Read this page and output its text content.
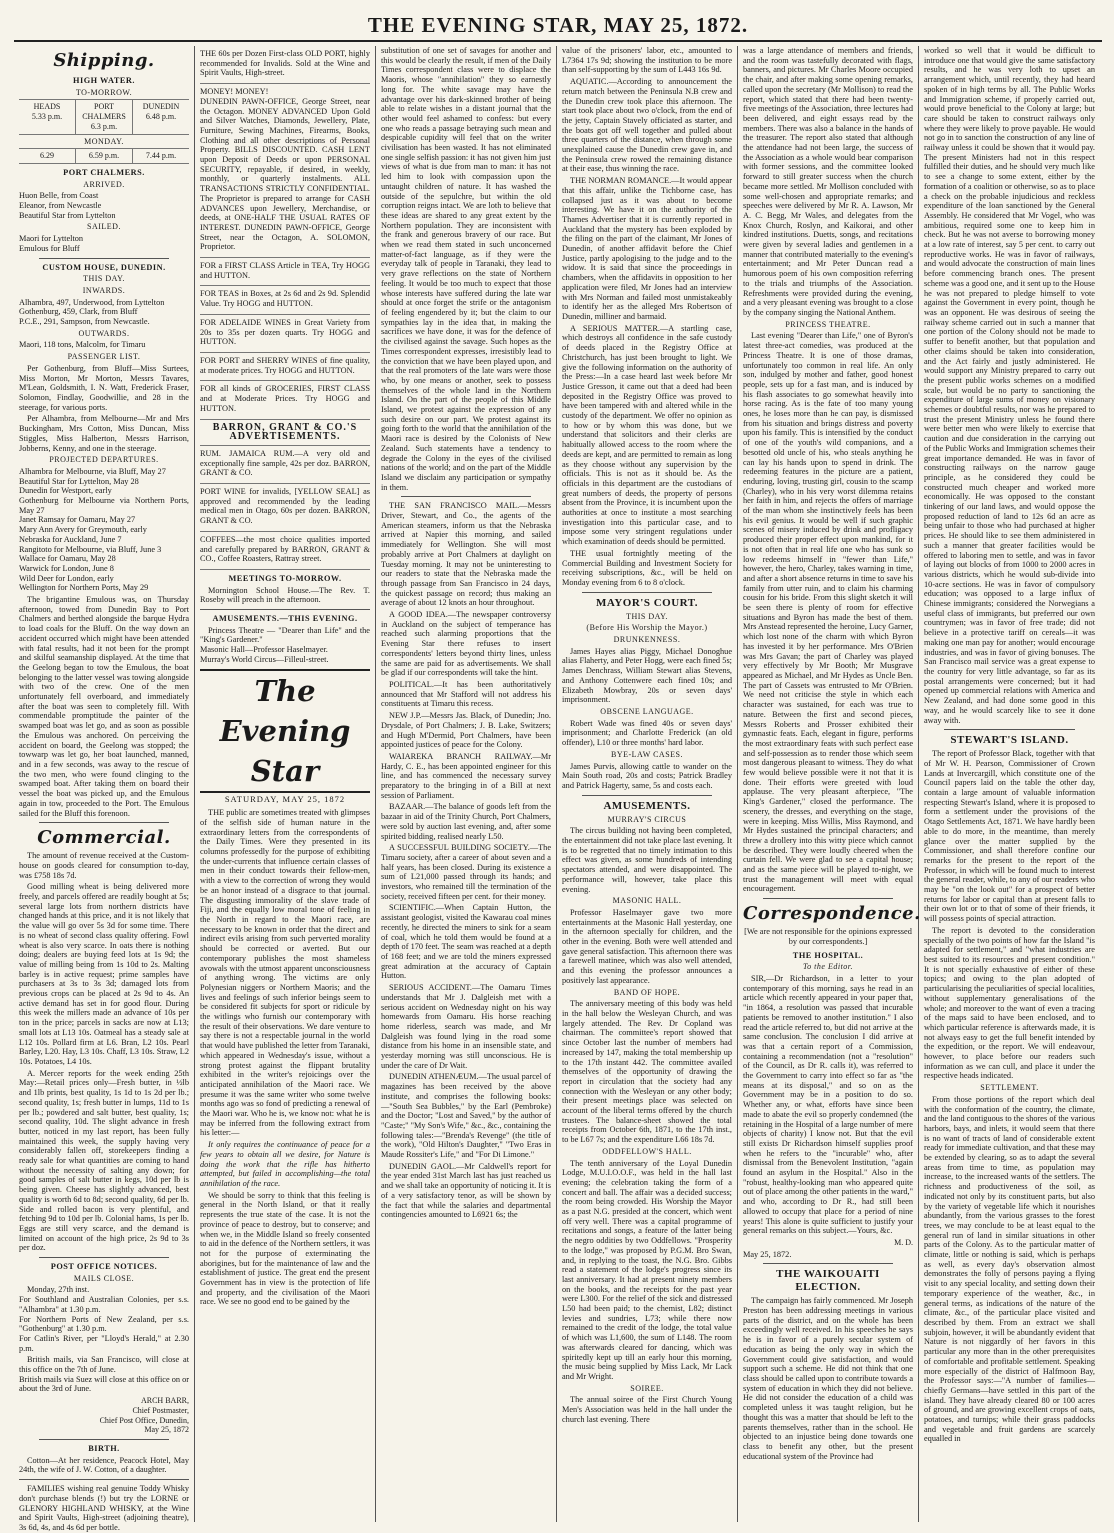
THE EVENING STAR, MAY 25, 1872.
Shipping.
HIGH WATER.
TO-MORROW.
HEADS
5.33 p.m.
PORT CHALMERS
6.3 p.m.
DUNEDIN
6.48 p.m.
MONDAY.
6.29	6.59 p.m.	7.44 p.m.
PORT CHALMERS.
ARRIVED.

Huon Belle, from Coast
Eleanor, from Newcastle
Beautiful Star from Lyttelton

SAILED.

Maori for Lyttelton
Emulous for Bluff

CUSTOM HOUSE, DUNEDIN.
THIS DAY.
INWARDS.

Alhambra, 497, Underwood, from Lyttelton
Gothenburg, 459, Clark, from Bluff
P.C.E., 291, Sampson, from Newcastle.

OUTWARDS.

Maori, 118 tons, Malcolm, for Timaru

PASSENGER LIST.

Per Gothenburg, from Bluff—Miss Surtees, Miss Morton, Mr Morton, Messrs Tavares, M'Lean, Goldsmith, I. N. Watt, Frederick Fraser, Solomon, Findlay, Goodwillie, and 28 in the steerage, for various ports.

Per Alhambra, from Melbourne—Mr and Mrs Buckingham, Mrs Cotton, Miss Duncan, Miss Stiggles, Miss Halberton, Messrs Harrison, Jobberns, Kenny, and one in the steerage.

PROJECTED DEPARTURES.

Alhambra for Melbourne, via Bluff, May 27
Beautiful Star for Lyttelton, May 28
Dunedin for Westport, early
Gothenburg for Melbourne via Northern Ports, May 27
Janet Ramsay for Oamaru, May 27
Mary Ann Avery for Greymouth, early
Nebraska for Auckland, June 7
Rangitoto for Melbourne, via Bluff, June 3
Wallace for Oamaru, May 28
Warwick for London, June 8
Wild Deer for London, early
Wellington for Northern Ports, May 29

The brigantine Emulous was, on Thursday afternoon, towed from Dunedin Bay to Port Chalmers and berthed alongside the barque Hydra to load coals for the Bluff. On the way down an accident occurred which might have been attended with fatal results, had it not been for the prompt and skilful seamanship displayed. At the time that the Geelong began to tow the Emulous, the boat belonging to the latter vessel was towing alongside with two of the crew. One of the men unfortunately fell overboard, and immediately after the boat was seen to completely fill. With commendable promptitude the painter of the swamped boat was let go, and as soon as possible the Emulous was anchored. On perceiving the accident on board, the Geelong was stopped; the towwarp was let go, her boat launched, manned, and in a few seconds, was away to the rescue of the two men, who were found clinging to the swamped boat. After taking them on board their vessel the boat was picked up, and the Emulous again in tow, proceeded to the Port. The Emulous sailed for the Bluff this forenoon.

Commercial.

The amount of revenue received at the Custom-house on goods cleared for consumption to-day, was £758 18s 7d.

Good milling wheat is being delivered more freely, and parcels offered are readily bought at 5s; several large lots from northern districts have changed hands at this price, and it is not likely that the value will go over 5s 3d for some time. There is no wheat of second class quality offering. Fowl wheat is also very scarce. In oats there is nothing doing; dealers are buying feed lots at 1s 9d; the value of milling being from 1s 10d to 2s. Malting barley is in active request; prime samples have purchasers at 3s to 3s 3d; damaged lots from previous crops can be placed at 2s 9d to 4s. An active demand has set in for good flour. During this week the millers made an advance of 10s per ton in the price; parcels in sacks are now at L13; small lots at L13 10s. Oatmeal has a steady sale at L12 10s. Pollard firm at L6. Bran, L2 10s. Pearl Barley, L20. Hay, L3 10s. Chaff, L3 10s. Straw, L2 10s. Potatoes, L4 10s.

A. Mercer reports for the week ending 25th May:—Retail prices only—Fresh butter, in ½lb and 1lb prints, best quality, 1s 1d to 1s 2d per lb.; second quality, 1s; fresh butter in lumps, 11d to 1s per lb.; powdered and salt butter, best quality, 1s; second quality, 10d. The slight advance in fresh butter, noticed in my last report, has been fully maintained this week, the supply having very considerably fallen off, storekeepers finding a ready sale for what quantities are coming to hand without the necessity of salting any down; for good samples of salt butter in kegs, 10d per lb is being given. Cheese has slightly advanced, best quality is worth 6d to 8d; second quality, 6d per lb. Side and rolled bacon is very plentiful, and fetching 9d to 10d per lb. Colonial hams, 1s per lb. Eggs are still very scarce, and the demand is limited on account of the high price, 2s 9d to 3s per doz.

POST OFFICE NOTICES.
MAILS CLOSE.

Monday, 27th inst.
For Southland and Australian Colonies, per s.s. "Alhambra" at 1.30 p.m.
For Northern Ports of New Zealand, per s.s. "Gothenburg" at 1.30 p.m.
For Catlin's River, per "Lloyd's Herald," at 2.30 p.m.

British mails, via San Francisco, will close at this office on the 7th of June.
British mails via Suez will close at this office on or about the 3rd of June.

ARCH BARR,
Chief Postmaster,
Chief Post Office, Dunedin,
May 25, 1872

BIRTH.

Cotton—At her residence, Peacock Hotel, May 24th, the wife of J. W. Cotton, of a daughter.

FAMILIES wishing real genuine Toddy Whisky don't purchase blends (!) but try the LORNE or GLENORY HIGHLAND WHISKY, at the Wine and Spirit Vaults, High-street (adjoining theatre), 3s 6d, 4s, and 4s 6d per bottle.

THE 60s per Dozen First-class OLD PORT, highly recommended for Invalids. Sold at the Wine and Spirit Vaults, High-street.

MONEY! MONEY!
DUNEDIN PAWN-OFFICE, George Street, near the Octagon. MONEY ADVANCED Upon Gold and Silver Watches, Diamonds, Jewellery, Plate, Furniture, Sewing Machines, Firearms, Books, Clothing and all other descriptions of Personal Property. BILLS DISCOUNTED. CASH LENT upon Deposit of Deeds or upon PERSONAL SECURITY, repayable, if desired, in weekly, monthly, or quarterly instalments. ALL TRANSACTIONS STRICTLY CONFIDENTIAL. The Proprietor is prepared to arrange for CASH ADVANCES upon Jewellery, Merchandise, or deeds, at ONE-HALF THE USUAL RATES OF INTEREST. DUNEDIN PAWN-OFFICE, George Street, near the Octagon, A. SOLOMON, Proprietor.

FOR a FIRST CLASS Article in TEA, Try HOGG and HUTTON.

FOR TEAS in Boxes, at 2s 6d and 2s 9d. Splendid Value. Try HOGG and HUTTON.

FOR ADELAIDE WINES in Great Variety from 20s to 35s per dozen quarts. Try HOGG and HUTTON.

FOR PORT and SHERRY WINES of fine quality, at moderate prices. Try HOGG and HUTTON.

FOR all kinds of GROCERIES, FIRST CLASS and at Moderate Prices. Try HOGG and HUTTON.

BARRON, GRANT & CO.'S ADVERTISEMENTS.

RUM. JAMAICA RUM.—A very old and exceptionally fine sample, 42s per doz. BARRON, GRANT & CO.

PORT WINE for invalids, [YELLOW SEAL] as approved and recommended by the leading medical men in Otago, 60s per dozen. BARRON, GRANT & CO.

COFFEES—the most choice qualities imported and carefully prepared by BARRON, GRANT & CO., Coffee Roasters, Rattray street.

MEETINGS TO-MORROW.

Mornington School House.—The Rev. T. Roseby will preach in the afternoon.

AMUSEMENTS.—THIS EVENING.

Princess Theatre — "Dearer than Life" and the "King's Gardener."
Masonic Hall—Professor Haselmayer.
Murray's World Circus—Filleul-street.

The Evening Star
SATURDAY, MAY 25, 1872

THE public are sometimes treated with glimpses of the selfish side of human nature in the extraordinary letters from the correspondents of the Daily Times. Were they presented in its columns professedly for the purpose of exhibiting the under-currents that influence certain classes of men in their conduct towards their fellow-men, with a view to the correction of wrong they would be an honor instead of a disgrace to that journal. The disgusting immorality of the slave trade of Fiji, and the equally low moral tone of feeling in the North in regard to the Maori race, are necessary to be known in order that the direct and indirect evils arising from such perverted morality should be corrected or averted. But our contemporary publishes the most shameless avowals with the utmost apparent unconsciousness of anything wrong. The victims are only Polynesian niggers or Northern Maoris; and the lives and feelings of such inferior beings seem to be considered fit subjects for sport or ridicule by the witlings who furnish our contemporary with the result of their observations. We dare venture to say there is not a respectable journal in the world that would have published the letter from Taranaki, which appeared in Wednesday's issue, without a strong protest against the flippant brutality exhibited in the writer's rejoicings over the anticipated annihilation of the Maori race. We presume it was the same writer who some twelve months ago was so fond of predicting a renewal of the Maori war. Who he is, we know not: what he is may be inferred from the following extract from his letter:—

It only requires the continuance of peace for a few years to obtain all we desire, for Nature is doing the work that the rifle has hitherto attempted, but failed in accomplishing—the total annihilation of the race.

We should be sorry to think that this feeling is general in the North Island, or that it really represents the true state of the case. It is not the province of peace to destroy, but to conserve; and when we, in the Middle Island so freely consented to aid in the defence of the Northern settlers, it was not for the purpose of exterminating the aborigines, but for the maintenance of law and the establishment of justice. The great end the present Government has in view is the protection of life and property, and the civilisation of the Maori race. We see no good end to be gained by the

substitution of one set of savages for another and this would be clearly the result, if men of the Daily Times correspondent class were to displace the Maoris, whose "annihilation" they so earnestly long for. The white savage may have the advantage over his dark-skinned brother of being able to relate wishes in a distant journal that the other would feel ashamed to confess: but every one who reads a passage betraying such mean and despicable cupidity will feel that on the writer civilisation has been wasted. It has not eliminated one single selfish passion: it has not given him just views of what is due from man to man: it has not led him to look with compassion upon the untaught children of nature. It has washed the outside of the sepulchre, but within the old corruption reigns intact. We are loth to believe that these ideas are shared to any great extent by the Northern population. They are inconsistent with the frank and generous bravery of our race. But when we read them stated in such unconcerned matter-of-fact language, as if they were the everyday talk of people in Taranaki, they lead to very grave reflections on the state of Northern feeling. It would be too much to expect that those whose interests have suffered during the late war should at once forget the strife or the antagonism of feeling engendered by it; but the claim to our sympathies lay in the idea that, in making the sacrifices we have done, it was for the defence of the civilised against the savage. Such hopes as the Times correspondent expresses, irresistibly lead to the conviction that we have been played upon, and that the real promoters of the late wars were those who, by one means or another, seek to possess themselves of the whole land in the Northern Island. On the part of the people of this Middle Island, we protest against the expression of any such desire on our part. We protest against its going forth to the world that the annihilation of the Maori race is desired by the Colonists of New Zealand. Such statements have a tendency to degrade the Colony in the eyes of the civilised nations of the world; and on the part of the Middle Island we disclaim any participation or sympathy in them.

THE SAN FRANCISCO MAIL.—Messrs Driver, Stewart, and Co., the agents of the American steamers, inform us that the Nebraska arrived at Napier this morning, and sailed immediately for Wellington. She will most probably arrive at Port Chalmers at daylight on Tuesday morning. It may not be uninteresting to our readers to state that the Nebraska made the through passage from San Francisco in 24 days, the quickest passage on record; thus making an average of about 12 knots an hour throughout.

A GOOD IDEA.—The newspaper controversy in Auckland on the subject of temperance has reached such alarming proportions that the Evening Star there refuses to insert correspondents' letters beyond thirty lines, unless the same are paid for as advertisements. We shall be glad if our correspondents will take the hint.

POLITICAL.—It has been authoritatively announced that Mr Stafford will not address his constituents at Timaru this recess.

NEW J.P.—Messrs Jas. Black, of Dunedin; Jno. Drysdale, of Port Chalmers; J. B. Lake, Switzers; and Hugh M'Dermid, Port Chalmers, have been appointed justices of peace for the Colony.

WAIAREKA BRANCH RAILWAY.—Mr Hardy, C. E., has been appointed engineer for this line, and has commenced the necessary survey preparatory to the bringing in of a Bill at next session of Parliament.

BAZAAR.—The balance of goods left from the bazaar in aid of the Trinity Church, Port Chalmers, were sold by auction last evening, and, after some spirited bidding, realised nearly L50.

A SUCCESSFUL BUILDING SOCIETY.—The Timaru society, after a career of about seven and a half years, has been closed. During its existence a sum of L21,000 passed through its hands; and investors, who remained till the termination of the society, received fifteen per cent. for their money.

SCIENTIFIC.—When Captain Hutton, the assistant geologist, visited the Kawarau coal mines recently, he directed the miners to sink for a seam of coal, which he told them would be found at a depth of 170 feet. The seam was reached at a depth of 168 feet; and we are told the miners expressed great admiration at the accuracy of Captain Hutton.

SERIOUS ACCIDENT.—The Oamaru Times understands that Mr J. Dalgleish met with a serious accident on Wednesday night on his way homewards from Oamaru. His horse reaching home riderless, search was made, and Mr Dalgleish was found lying in the road some distance from his home in an insensible state, and yesterday morning was still unconscious. He is under the care of Dr Wait.

DUNEDIN ATHENÆUM.—The usual parcel of magazines has been received by the above institute, and comprises the following books:—"South Sea Bubbles," by the Earl (Pembroke) and the Doctor; "Lost and Saved," by the author of "Caste;" "My Son's Wife," &c., &c., containing the following tales:—"Brenda's Revenge" (the title of the work), "Old Hilton's Daughter," "Two Eras in Maude Rossiter's Life," and "For Di Limone."

DUNEDIN GAOL.—Mr Caldwell's report for the year ended 31st March last has just reached us and we shall take an opportunity of noticing it. It is of a very satisfactory tenor, as will be shown by the fact that while the salaries and departmental contingencies amounted to L6921 6s; the

value of the prisoners' labor, etc., amounted to L7364 17s 9d; showing the institution to be more than self-supporting by the sum of L443 16s 9d.

AQUATIC.—According to announcement the return match between the Peninsula N.B crew and the Dunedin crew took place this afternoon. The start took place about two o'clock, from the end of the jetty, Captain Stavely officiated as starter, and the boats got off well together and pulled about three quarters of the distance, when through some unexplained cause the Dunedin crew gave in, and the Peninsula crew rowed the remaining distance at their ease, thus winning the race.

THE NORMAN ROMANCE.—It would appear that this affair, unlike the Tichborne case, has collapsed just as it was about to become interesting. We have it on the authority of the Thames Advertiser that it is currently reported in Auckland that the mystery has been exploded by the filing on the part of the claimant, Mr Jones of Dunedin, of another affidavit before the Chief Justice, partly apologising to the judge and to the widow. It is said that since the proceedings in chambers, when the affidavits in opposition to her application were filed, Mr Jones had an interview with Mrs Norman and failed most unmistakeably to identify her as the alleged Mrs Robertson of Dunedin, milliner and barmaid.

A SERIOUS MATTER.—A startling case, which destroys all confidence in the safe custody of deeds placed in the Registry Office at Christchurch, has just been brought to light. We give the following information on the authority of the Press:—In a case heard last week before Mr Justice Gresson, it came out that a deed had been deposited in the Registry Office was proved to have been tampered with and altered while in the custody of the department. We offer no opinion as to how or by whom this was done, but we understand that solicitors and their clerks are habitually allowed access to the room where the deeds are kept, and are permitted to remain as long as they choose without any supervision by the officials. This is not as it should be. As the officials in this department are the custodians of great numbers of deeds, the property of persons absent from the Province, it is incumbent upon the authorities at once to institute a most searching investigation into this particular case, and to impose some very stringent regulations under which examination of deeds should be permitted.

THE usual fortnightly meeting of the Commercial Building and Investment Society for receiving subscriptions, &c., will be held on Monday evening from 6 to 8 o'clock.

MAYOR'S COURT.
THIS DAY.
(Before His Worship the Mayor.)
DRUNKENNESS.

James Hayes alias Piggy, Michael Donoghue alias Flaherty, and Peter Hogg, were each fined 5s; James Denchrass, William Stewart alias Stevens, and Anthony Cottenwere each fined 10s; and Elizabeth Mowbray, 20s or seven days' imprisonment.

OBSCENE LANGUAGE.

Robert Wade was fined 40s or seven days' imprisonment; and Charlotte Frederick (an old offender), L10 or three months' hard labor.

BYE-LAW CASES.

James Purvis, allowing cattle to wander on the Main South road, 20s and costs; Patrick Bradley and Patrick Hagerty, same, 5s and costs each.

AMUSEMENTS.
MURRAY'S CIRCUS

The circus building not having been completed, the entertainment did not take place last evening. It is to be regretted that no timely intimation to this effect was given, as some hundreds of intending spectators attended, and were disappointed. The performance will, however, take place this evening.

MASONIC HALL.

Professor Haselmayer gave two more entertainments at the Masonic Hall yesterday, one in the afternoon specially for children, and the other in the evening. Both were well attended and gave general satisfaction. This afternoon there was a farewell matinee, which was also well attended, and this evening the professor announces a positively last appearance.

BAND OF HOPE.

The anniversary meeting of this body was held in the hall below the Wesleyan Church, and was largely attended. The Rev. Dr Copland was chairman. The committee's report showed that since October last the number of members had increased by 147, making the total membership up to the 17th instant 442. The committee availed themselves of the opportunity of drawing the report in circulation that the society had any connection with the Wesleyan or any other body; their present meetings place was selected on account of the liberal terms offered by the church trustees. The balance-sheet showed the total receipts from October 6th, 1871, to the 17th inst., to be L67 7s; and the expenditure L66 18s 7d.

ODDFELLOW'S HALL.

The tenth anniversary of the Loyal Dunedin Lodge, M.U.I.O.O.F., was held in the hall last evening; the celebration taking the form of a concert and ball. The affair was a decided success; the room being crowded. His Worship the Mayor as a past N.G. presided at the concert, which went off very well. There was a capital programme of recitations and songs, a feature of the latter being the negro oddities by two Oddfellows. "Prosperity to the lodge," was proposed by P.G.M. Bro Swan, and, in replying to the toast, the N.G. Bro. Gibbs read a statement of the lodge's progress since its last anniversary. It had at present ninety members on the books, and the receipts for the past year were L300. For the relief of the sick and distressed L50 had been paid; to the chemist, L82; distinct levies and sundries, L73; while there now remained to the credit of the lodge, the total value of which was L1,600, the sum of L148. The room was afterwards cleared for dancing, which was spiritedly kept up till an early hour this morning, the music being supplied by Miss Lack, Mr Lack and Mr Wright.

SOIREE.

The annual soiree of the First Church Young Men's Association was held in the hall under the church last evening. There

was a large attendance of members and friends, and the room was tastefully decorated with flags, banners, and pictures. Mr Charles Moore occupied the chair, and after making some opening remarks, called upon the secretary (Mr Mollison) to read the report, which stated that there had been twenty-five meetings of the Association, three lectures had been delivered, and eight essays read by the members. There was also a balance in the hands of the treasurer. The report also stated that although the attendance had not been large, the success of the Association as a whole would bear comparison with former sessions, and the committee looked forward to still greater success when the church became more settled. Mr Mollison concluded with some well-chosen and appropriate remarks; and speeches were delivered by Mr R. A. Lawson, Mr A. C. Begg, Mr Wales, and delegates from the Knox Church, Roslyn, and Kaikorai, and other kindred institutions. Duetts, songs, and recitations were given by several ladies and gentlemen in a manner that contributed materially to the evening's entertainment; and Mr Peter Duncan read a humorous poem of his own composition referring to the trials and triumphs of the Association. Refreshments were provided during the evening, and a very pleasant evening was brought to a close by the company singing the National Anthem.

PRINCESS THEATRE.

Last evening "Dearer than Life," one of Byron's latest three-act comedies, was produced at the Princess Theatre. It is one of those dramas, unfortunately too common in real life. An only son, indulged by mother and father, good honest people, sets up for a fast man, and is induced by his flash associates to go somewhat heavily into horse racing. As is the fate of too many young ones, he loses more than he can pay, is dismissed from his situation and brings distress and poverty upon his family. This is intensified by the conduct of one of the youth's wild companions, and a besotted old uncle of his, who steals anything he can lay his hands upon to spend in drink. The redeeming features in the picture are a patient, enduring, loving, trusting girl, cousin to the scamp (Charley), who in his very worst dilemma retains her faith in him, and rejects the offers of marriage of the man whom she instinctively feels has been his evil genius. It would be well if such graphic scenes of misery induced by drink and profligacy produced their proper effect upon mankind, for it is not often that in real life one who has sunk so low redeems himself in "fewer than Life," however, the hero, Charley, takes warning in time, and after a short absence returns in time to save his family from utter ruin, and to claim his charming cousin for his bride. From this slight sketch it will be seen there is plenty of room for effective situations and Byron has made the best of them. Mrs Anstead represented the heroine, Lucy Garner, which lost none of the charm with which Byron has invested it by her performance. Mrs O'Brien was Mrs Gavan; the part of Charley was played very effectively by Mr Booth; Mr Musgrave appeared as Michael, and Mr Hydes as Uncle Ben. The part of Cassets was entrusted to Mr O'Brien. We need not criticise the style in which each character was sustained, for each was true to nature. Between the first and second pieces, Messrs Roberts and Prosser exhibited their gymnastic feats. Each, elegant in figure, performs the most extraordinary feats with such perfect ease and self-possession as to render those which seem most dangerous pleasant to witness. They do what few would believe possible were it not that it is done. Their efforts were greeted with loud applause. The very pleasant afterpiece, "The King's Gardener," closed the performance. The scenery, the dresses, and everything on the stage, were in keeping. Miss Willis, Miss Raymond, and Mr Hydes sustained the principal characters; and threw a drollery into this witty piece which cannot be described. They were loudly cheered when the curtain fell. We were glad to see a capital house; and as the same piece will be played to-night, we trust the management will meet with equal encouragement.

Correspondence.

[We are not responsible for the opinions expressed by our correspondents.]

THE HOSPITAL.
To the Editor.

SIR,—Dr Richardson, in a letter to your contemporary of this morning, says he read in an article which recently appeared in your paper that, "in 1864, a resolution was passed that incurable patients be removed to another institution." I also read the article referred to, but did not arrive at the same conclusion. The conclusion I did arrive at was that a certain report of a Commission, containing a recommendation (not a "resolution" of the Council, as Dr R. calls it), was referred to the Government to carry into effect so far as "the means at its disposal," and so on as the Government may be in a position to do so. Whether any, or what, efforts have since been made to abate the evil so properly condemned (the retaining in the Hospital of a large number of mere objects of charity) I know not. But that the evil still exists Dr Richardson himself supplies proof when he refers to the "incurable" who, after dismissal from the Benevolent Institution, "again found an asylum in the Hospital." Also in the "robust, healthy-looking man who appeared quite out of place among the other patients in the ward," and who, according to Dr R., had still been allowed to occupy that place for a period of nine years! This alone is quite sufficient to justify your general remarks on this subject.—Yours, &c.

M. D.

May 25, 1872.

THE WAIKOUAITI ELECTION.

The campaign has fairly commenced. Mr Joseph Preston has been addressing meetings in various parts of the district, and on the whole has been exceedingly well received. In his speeches he says he is in favor of a purely secular system of education as being the only way in which the Government could give satisfaction, and would support such a scheme. He did not think that one class should be called upon to contribute towards a system of education in which they did not believe. He did not consider the education of a child was completed unless it was taught religion, but he thought this was a matter that should be left to the parents themselves, rather than in the school. He objected to an injustice being done towards one class to benefit any other, but the present educational system of the Province had

worked so well that it would be difficult to introduce one that would give the same satisfactory results, and he was very loth to upset an arrangement which, until recently, they had heard spoken of in high terms by all. The Public Works and Immigration scheme, if properly carried out, would prove beneficial to the Colony at large; but care should be taken to construct railways only where they were likely to prove payable. He would not go in to sanction the construction of any line of railway unless it could be shown that it would pay. The present Ministers had not in this respect fulfilled their duties, and he should very much like to see a change to some extent, either by the formation of a coalition or otherwise, so as to place a check on the probable injudicious and reckless expenditure of the loan sanctioned by the General Assembly. He considered that Mr Vogel, who was ambitious, required some one to keep him in check. But he was not averse to borrowing money at a low rate of interest, say 5 per cent. to carry out reproductive works. He was in favor of railways, and would advocate the construction of main lines before commencing branch ones. The present scheme was a good one, and it sent up to the House he was not prepared to pledge himself to vote against the Government in every point, though he was an opponent. He was desirous of seeing the railway scheme carried out in such a manner that one portion of the Colony should not be made to suffer to benefit another, but that population and other claims should be taken into consideration, and the Act fairly and justly administered. He would support any Ministry prepared to carry out the present public works schemes on a modified scale, but would be no party to sanctioning the expenditure of large sums of money on visionary schemes or doubtful results, nor was he prepared to trust the present Ministry unless he found there were better men who were likely to exercise that caution and due consideration in the carrying out of the Public Works and Immigration schemes their great importance demanded. He was in favor of constructing railways on the narrow gauge principle, as he considered they could be constructed much cheaper and worked more economically. He was opposed to the constant tinkering of our land laws, and would oppose the proposed reduction of land to 12s 6d an acre as being unfair to those who had purchased at higher prices. He should like to see them administered in such a manner that greater facilities would be offered to laboring men to settle, and was in favor of laying out blocks of from 1000 to 2000 acres in various districts, which he would sub-divide into 10-acre sections. He was in favor of compulsory education; was opposed to a large influx of Chinese immigrants; considered the Norwegians a useful class of immigrants, but preferred our own countrymen; was in favor of free trade; did not believe in a protective tariff on cereals—it was making one man pay for another; would encourage industries, and was in favor of giving bonuses. The San Francisco mail service was a great expense to the country for very little advantage, so far as its postal arrangements were concerned; but it had opened up commercial relations with America and New Zealand, and had done some good in this way, and he would scarcely like to see it done away with.

STEWART'S ISLAND.

The report of Professor Black, together with that of Mr W. H. Pearson, Commissioner of Crown Lands at Invercargill, which constitute one of the Council papers laid on the table the other day, contain a large amount of valuable information respecting Stewart's Island, where it is proposed to form a settlement under the provisions of the Otago Settlements Act, 1871. We have hardly been able to do more, in the meantime, than merely glance over the matter supplied by the Commissioner, and shall therefore confine our remarks for the present to the report of the Professor, in which will be found much to interest the general reader, while, to any of our readers who may be "on the look out" for a prospect of better returns for labor or capital than at present falls to their own lot or to that of some of their friends, it will possess points of special attraction.

The report is devoted to the consideration specially of the two points of how far the Island "is adapted for settlement," and "what industries are best suited to its resources and present condition." It is not specially exhaustive of either of these topics; and owing to the plan adopted of particularising the peculiarities of special localities, without supplementary generalisations of the whole; and moreover to the want of even a tracing of the maps said to have been enclosed, and to which particular reference is afterwards made, it is not always easy to get the full benefit intended by the expedition, or the report. We will endeavour, however, to place before our readers such information as we can cull, and place it under the respective heads indicated.

SETTLEMENT.

From those portions of the report which deal with the conformation of the country, the climate, and the land contiguous to the shores of the various harbors, bays, and inlets, it would seem that there is no want of tracts of land of considerable extent ready for immediate cultivation, and that these may be extended by clearing, so as to adapt the several areas from time to time, as population may increase, to the increased wants of the settlers. The richness and productiveness of the soil, as indicated not only by its constituent parts, but also by the variety of vegetable life which it nourishes abundantly, from the various grasses to the forest trees, we may conclude to be at least equal to the general run of land in similar situations in other parts of the Colony. As to the particular matter of climate, little or nothing is said, which is perhaps as well, as every day's observation almost demonstrates the folly of persons paying a flying visit to any special locality, and setting down their temporary experience of the weather, &c., in general terms, as indications of the nature of the climate, &c., of the particular place visited and described by them. From an extract we shall subjoin, however, it will be abundantly evident that Nature is not niggardly of her favors in this particular any more than in the other prerequisites of comfortable and profitable settlement. Speaking more especially of the district of Halfmoon Bay, the Professor says:—"A number of families—chiefly Germans—have settled in this part of the island. They have already cleared 80 or 100 acres of ground, and are growing excellent crops of oats, potatoes, and turnips; while their grass paddocks and vegetable and fruit gardens are scarcely equalled in
